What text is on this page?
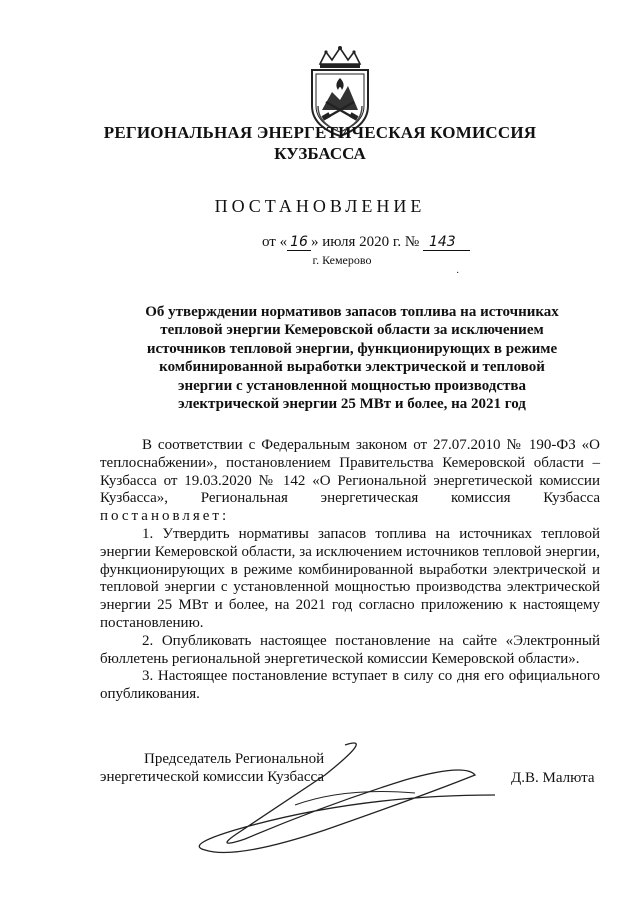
РЕГИОНАЛЬНАЯ ЭНЕРГЕТИЧЕСКАЯ КОМИССИЯ
КУЗБАССА
ПОСТАНОВЛЕНИЕ
от « 16 » июля 2020 г. № 143
г. Кемерово
·
Об утверждении нормативов запасов топлива на источниках тепловой энергии Кемеровской области за исключением источников тепловой энергии, функционирующих в режиме комбинированной выработки электрической и тепловой энергии с установленной мощностью производства электрической энергии 25 МВт и более, на 2021 год

В соответствии с Федеральным законом от 27.07.2010 № 190-ФЗ «О теплоснабжении», постановлением Правительства Кемеровской области – Кузбасса от 19.03.2020 № 142 «О Региональной энергетической комиссии Кузбасса», Региональная энергетическая комиссия Кузбасса постановляет:

1. Утвердить нормативы запасов топлива на источниках тепловой энергии Кемеровской области, за исключением источников тепловой энергии, функционирующих в режиме комбинированной выработки электрической и тепловой энергии с установленной мощностью производства электрической энергии 25 МВт и более, на 2021 год согласно приложению к настоящему постановлению.

2. Опубликовать настоящее постановление на сайте «Электронный бюллетень региональной энергетической комиссии Кемеровской области».

3. Настоящее постановление вступает в силу со дня его официального опубликования.

Председатель Региональной
энергетической комиссии Кузбасса	Д.В. Малюта
